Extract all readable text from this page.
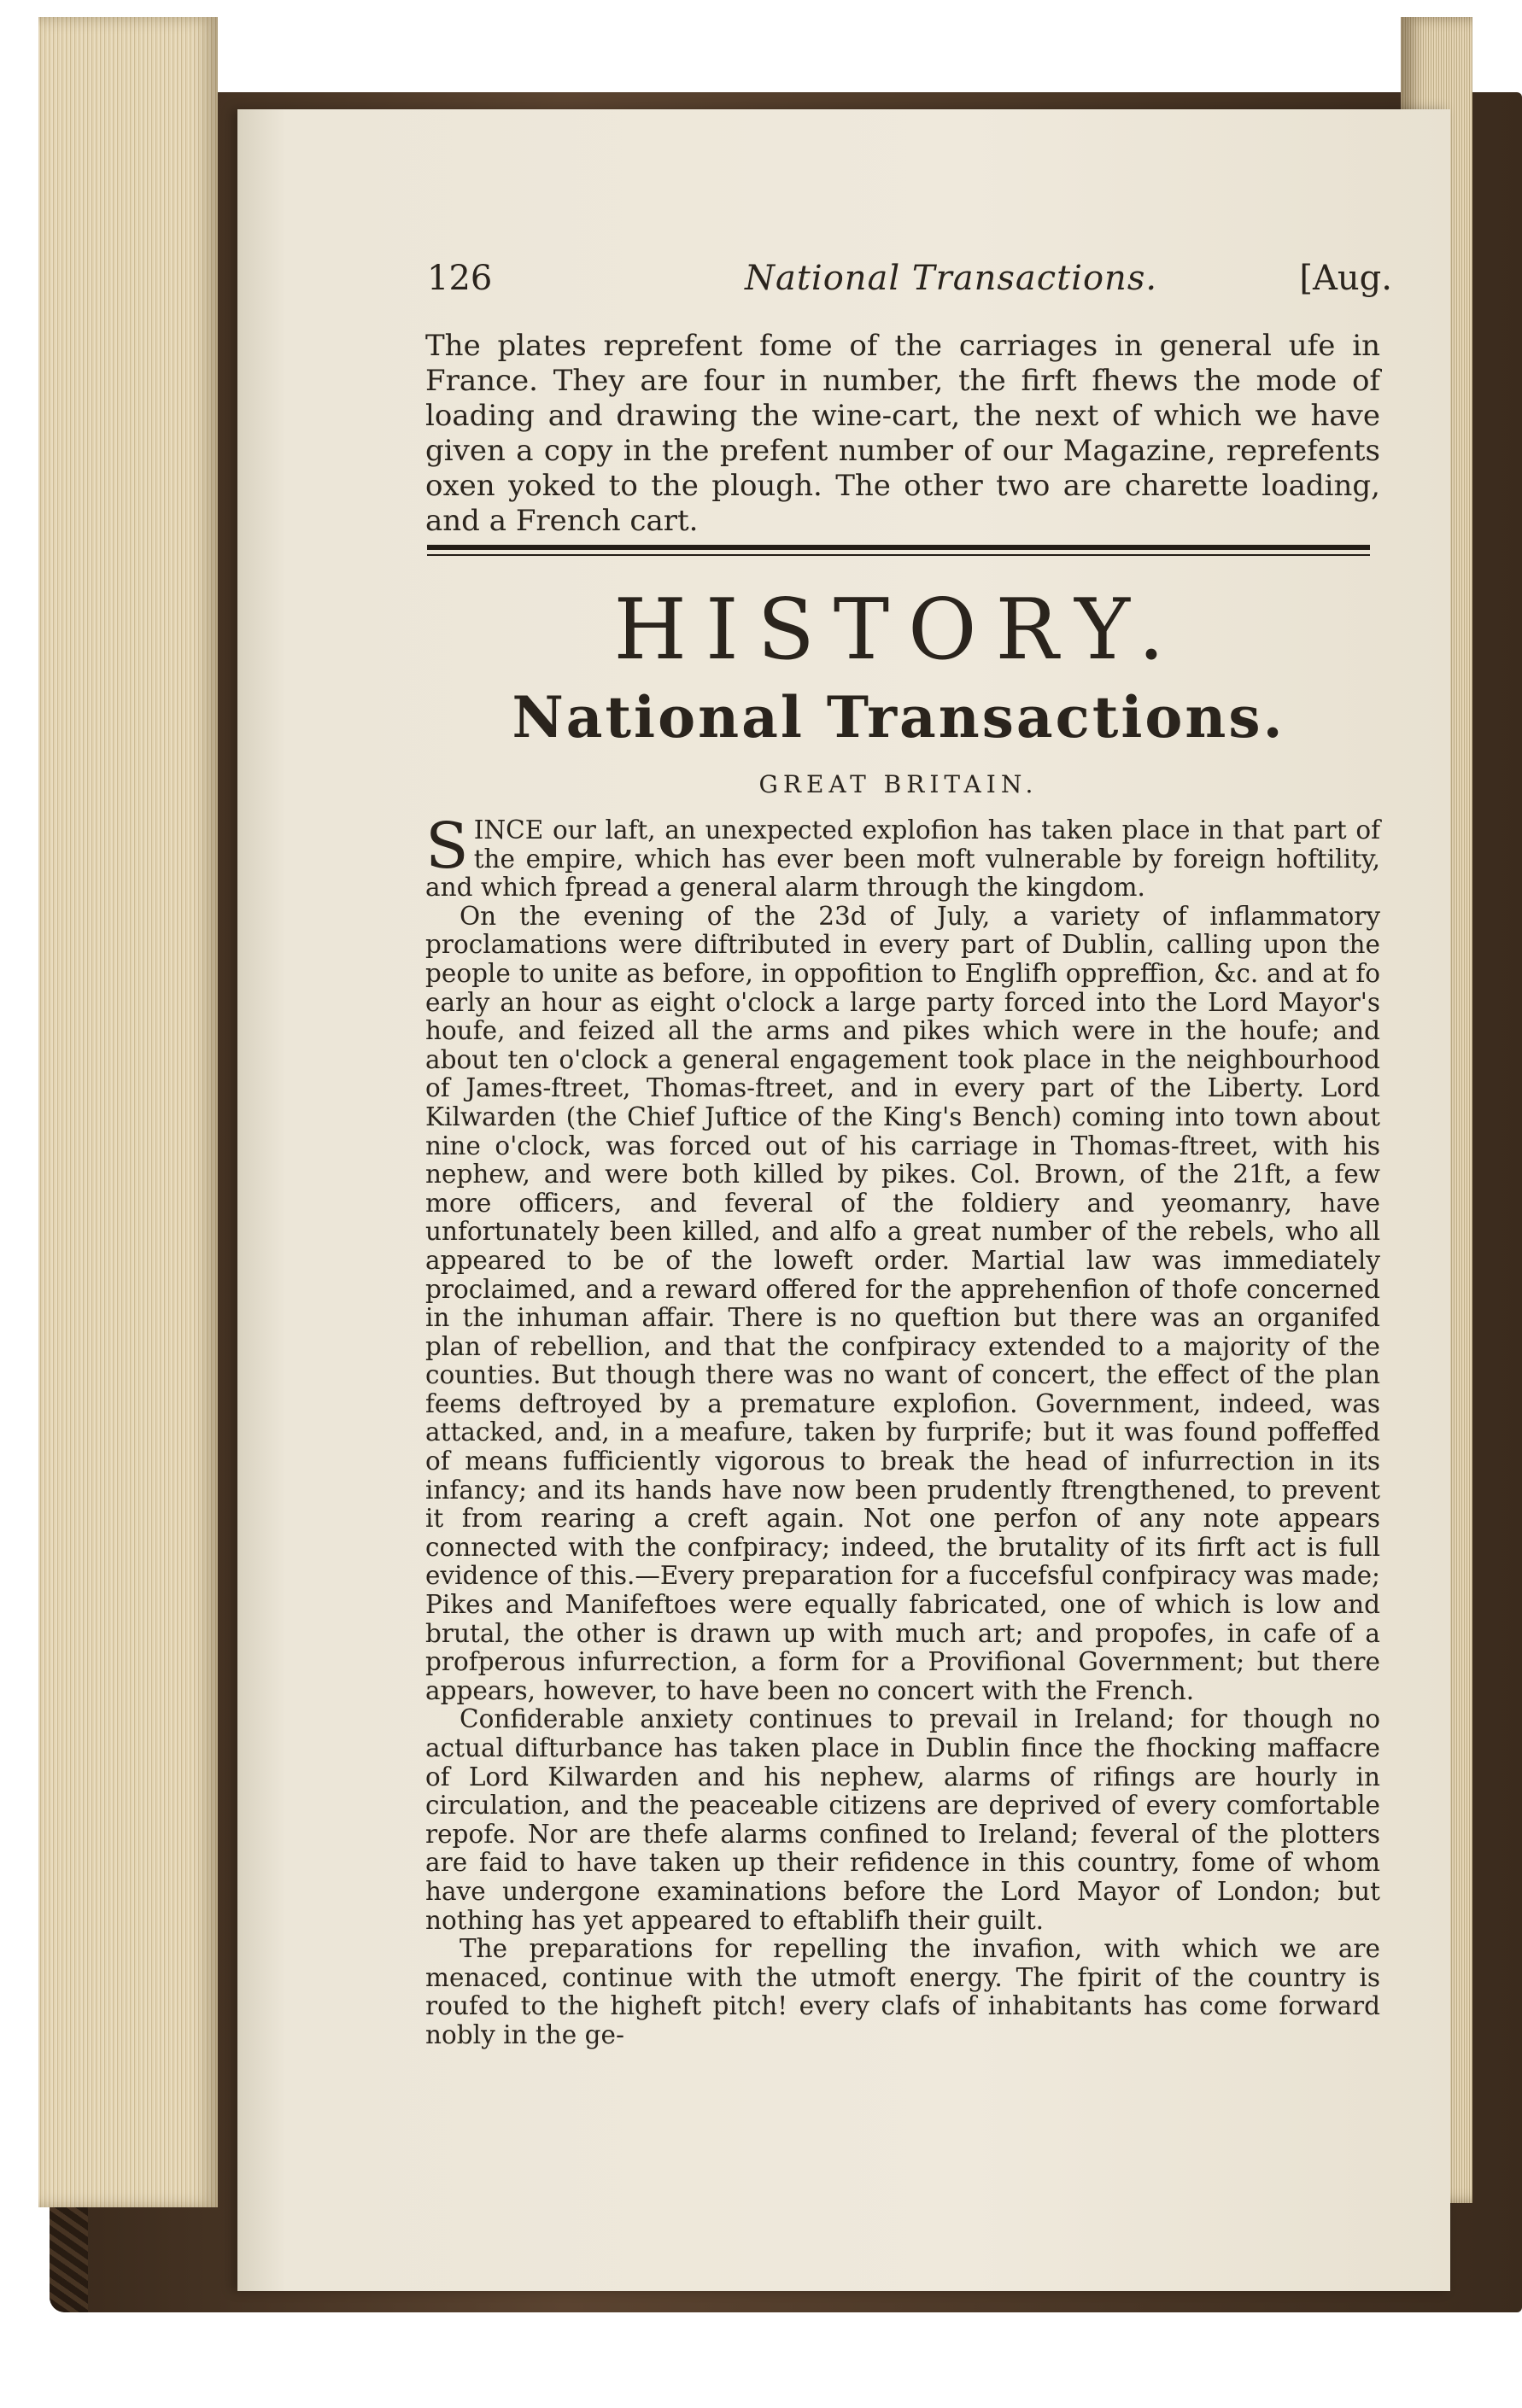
126	National Transactions.	[Aug.

The plates reprefent fome of the carriages in general ufe in France. They are four in number, the firft fhews the mode of loading and drawing the wine-cart, the next of which we have given a copy in the prefent number of our Magazine, reprefents oxen yoked to the plough. The other two are charette loading, and a French cart.

HISTORY.
National Transactions.
GREAT BRITAIN.

SINCE our laft, an unexpected explofion has taken place in that part of the empire, which has ever been moft vulnerable by foreign hoftility, and which fpread a general alarm through the kingdom.

On the evening of the 23d of July, a variety of inflammatory proclamations were diftributed in every part of Dublin, calling upon the people to unite as before, in oppofition to Englifh oppreffion, &c. and at fo early an hour as eight o'clock a large party forced into the Lord Mayor's houfe, and feized all the arms and pikes which were in the houfe; and about ten o'clock a general engagement took place in the neighbourhood of James-ftreet, Thomas-ftreet, and in every part of the Liberty. Lord Kilwarden (the Chief Juftice of the King's Bench) coming into town about nine o'clock, was forced out of his carriage in Thomas-ftreet, with his nephew, and were both killed by pikes. Col. Brown, of the 21ft, a few more officers, and feveral of the foldiery and yeomanry, have unfortunately been killed, and alfo a great number of the rebels, who all appeared to be of the loweft order. Martial law was immediately proclaimed, and a reward offered for the apprehenfion of thofe concerned in the inhuman affair. There is no queftion but there was an organifed plan of rebellion, and that the confpiracy extended to a majority of the counties. But though there was no want of concert, the effect of the plan feems deftroyed by a premature explofion. Government, indeed, was attacked, and, in a meafure, taken by furprife; but it was found poffeffed of means fufficiently vigorous to break the head of infurrection in its infancy; and its hands have now been prudently ftrengthened, to prevent it from rearing a creft again. Not one perfon of any note appears connected with the confpiracy; indeed, the brutality of its firft act is full evidence of this.—Every preparation for a fuccefsful confpiracy was made; Pikes and Manifeftoes were equally fabricated, one of which is low and brutal, the other is drawn up with much art; and propofes, in cafe of a profperous infurrection, a form for a Provifional Government; but there appears, however, to have been no concert with the French.

Confiderable anxiety continues to prevail in Ireland; for though no actual difturbance has taken place in Dublin fince the fhocking maffacre of Lord Kilwarden and his nephew, alarms of rifings are hourly in circulation, and the peaceable citizens are deprived of every comfortable repofe. Nor are thefe alarms confined to Ireland; feveral of the plotters are faid to have taken up their refidence in this country, fome of whom have undergone examinations before the Lord Mayor of London; but nothing has yet appeared to eftablifh their guilt.

The preparations for repelling the invafion, with which we are menaced, continue with the utmoft energy. The fpirit of the country is roufed to the higheft pitch! every clafs of inhabitants has come forward nobly in the ge-
